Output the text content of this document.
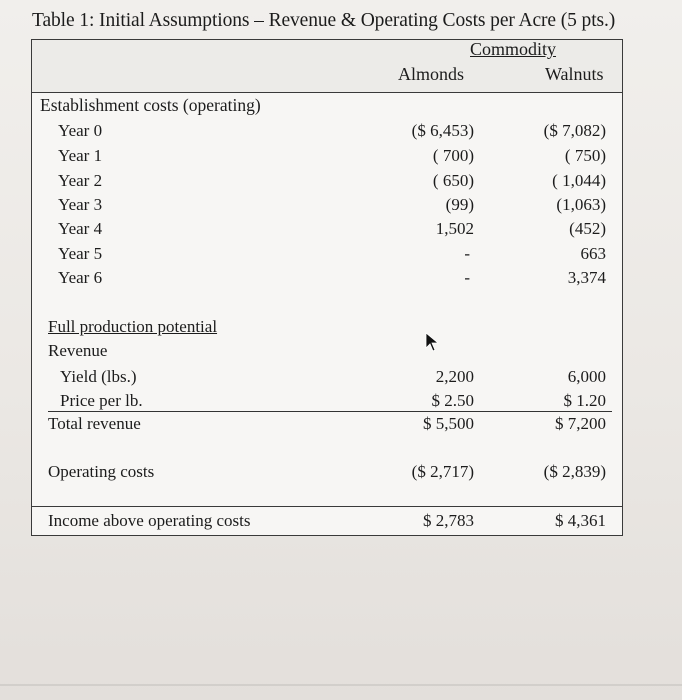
Table 1: Initial Assumptions – Revenue & Operating Costs per Acre (5 pts.)
Commodity
Almonds	Walnuts
Establishment costs (operating)
Year 0	($ 6,453)	($ 7,082)
Year 1	( 700)	( 750)
Year 2	( 650)	( 1,044)
Year 3	(99)	(1,063)
Year 4	1,502	(452)
Year 5	-	663
Year 6	-	3,374
Full production potential
Revenue
Yield (lbs.)	2,200	6,000
Price per lb.	$ 2.50	$ 1.20
Total revenue	$ 5,500	$ 7,200
Operating costs	($ 2,717)	($ 2,839)
Income above operating costs	$ 2,783	$ 4,361
